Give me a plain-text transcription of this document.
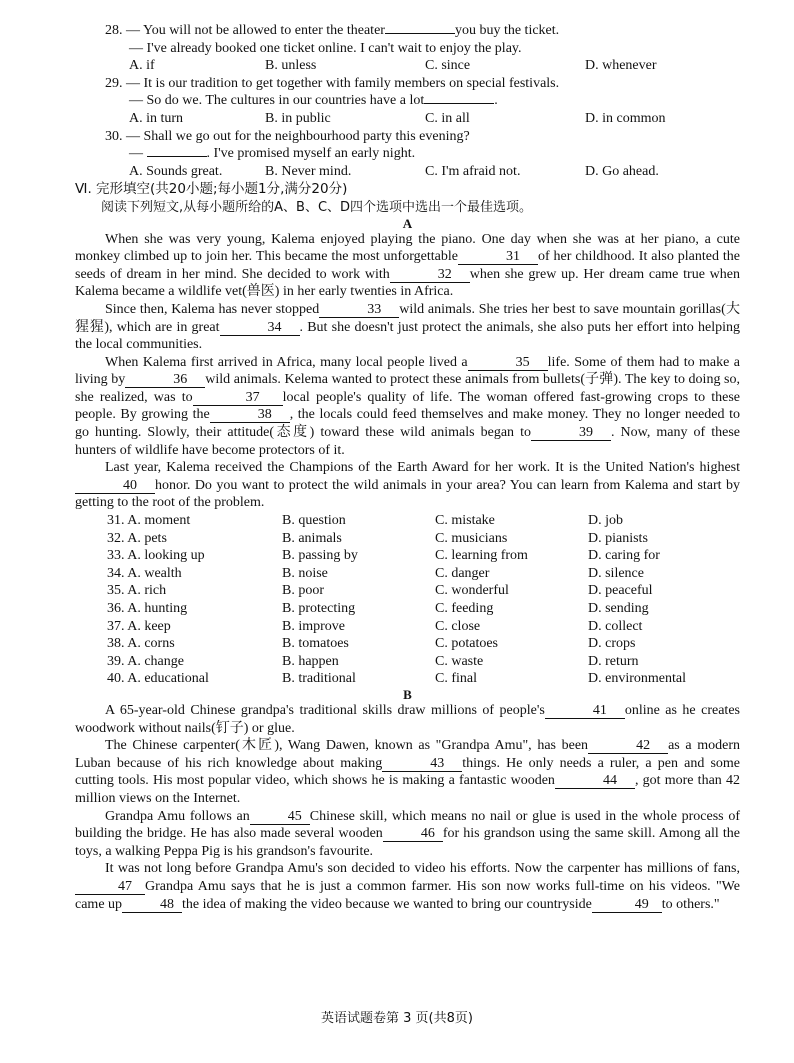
28. — You will not be allowed to enter the theater	you buy the ticket.
— I've already booked one ticket online. I can't wait to enjoy the play.
A. if	B. unless	C. since	D. whenever
29. — It is our tradition to get together with family members on special festivals.
— So do we. The cultures in our countries have a lot	.
A. in turn	B. in public	C. in all	D. in common
30. — Shall we go out for the neighbourhood party this evening?
—	. I've promised myself an early night.
A. Sounds great.	B. Never mind.	C. I'm afraid not.	D. Go ahead.
Ⅵ. 完形填空(共20小题;每小题1分,满分20分)
阅读下列短文,从每小题所给的A、B、C、D四个选项中选出一个最佳选项。
A

When she was very young, Kalema enjoyed playing the piano. One day when she was at her piano, a cute monkey climbed up to join her. This became the most unforgettable	31 of her childhood. It also planted the seeds of dream in her mind. She decided to work with	32 when she grew up. Her dream came true when Kalema became a wildlife vet(兽医) in her early twenties in Africa.

Since then, Kalema has never stopped	33 wild animals. She tries her best to save mountain gorillas(大猩猩), which are in great	34 . But she doesn't just protect the animals, she also puts her effort into helping the local communities.

When Kalema first arrived in Africa, many local people lived a	35 life. Some of them had to make a living by	36 wild animals. Kelema wanted to protect these animals from bullets(子弹). The key to doing so, she realized, was to	37 local people's quality of life. The woman offered fast-growing crops to these people. By growing the	38 , the locals could feed themselves and make money. They no longer needed to go hunting. Slowly, their attitude(态度) toward these wild animals began to	39 . Now, many of these hunters of wildlife have become protectors of it.

Last year, Kalema received the Champions of the Earth Award for her work. It is the United Nation's highest40 honor. Do you want to protect the wild animals in your area? You can learn from Kalema and start by getting to the root of the problem.

31. A. moment	B. question	C. mistake	D. job
32. A. pets	B. animals	C. musicians	D. pianists
33. A. looking up	B. passing by	C. learning from	D. caring for
34. A. wealth	B. noise	C. danger	D. silence
35. A. rich	B. poor	C. wonderful	D. peaceful
36. A. hunting	B. protecting	C. feeding	D. sending
37. A. keep	B. improve	C. close	D. collect
38. A. corns	B. tomatoes	C. potatoes	D. crops
39. A. change	B. happen	C. waste	D. return
40. A. educational	B. traditional	C. final	D. environmental
B

A 65-year-old Chinese grandpa's traditional skills draw millions of people's	41 online as he creates woodwork without nails(钉子) or glue.

The Chinese carpenter(木匠), Wang Dawen, known as "Grandpa Amu", has been	42 as a modern Luban because of his rich knowledge about making	43 things. He only needs a ruler, a pen and some cutting tools. His most popular video, which shows he is making a fantastic wooden	44 , got more than 42 million views on the Internet.

Grandpa Amu follows an	45 Chinese skill, which means no nail or glue is used in the whole process of building the bridge. He has also made several wooden	46 for his grandson using the same skill. Among all the toys, a walking Peppa Pig is his grandson's favourite.

It was not long before Grandpa Amu's son decided to video his efforts. Now the carpenter has millions of fans,47 Grandpa Amu says that he is just a common farmer. His son now works full-time on his videos. "We came up	48 the idea of making the video because we wanted to bring our countryside	49 to others."

英语试题卷第 3 页(共8页)
